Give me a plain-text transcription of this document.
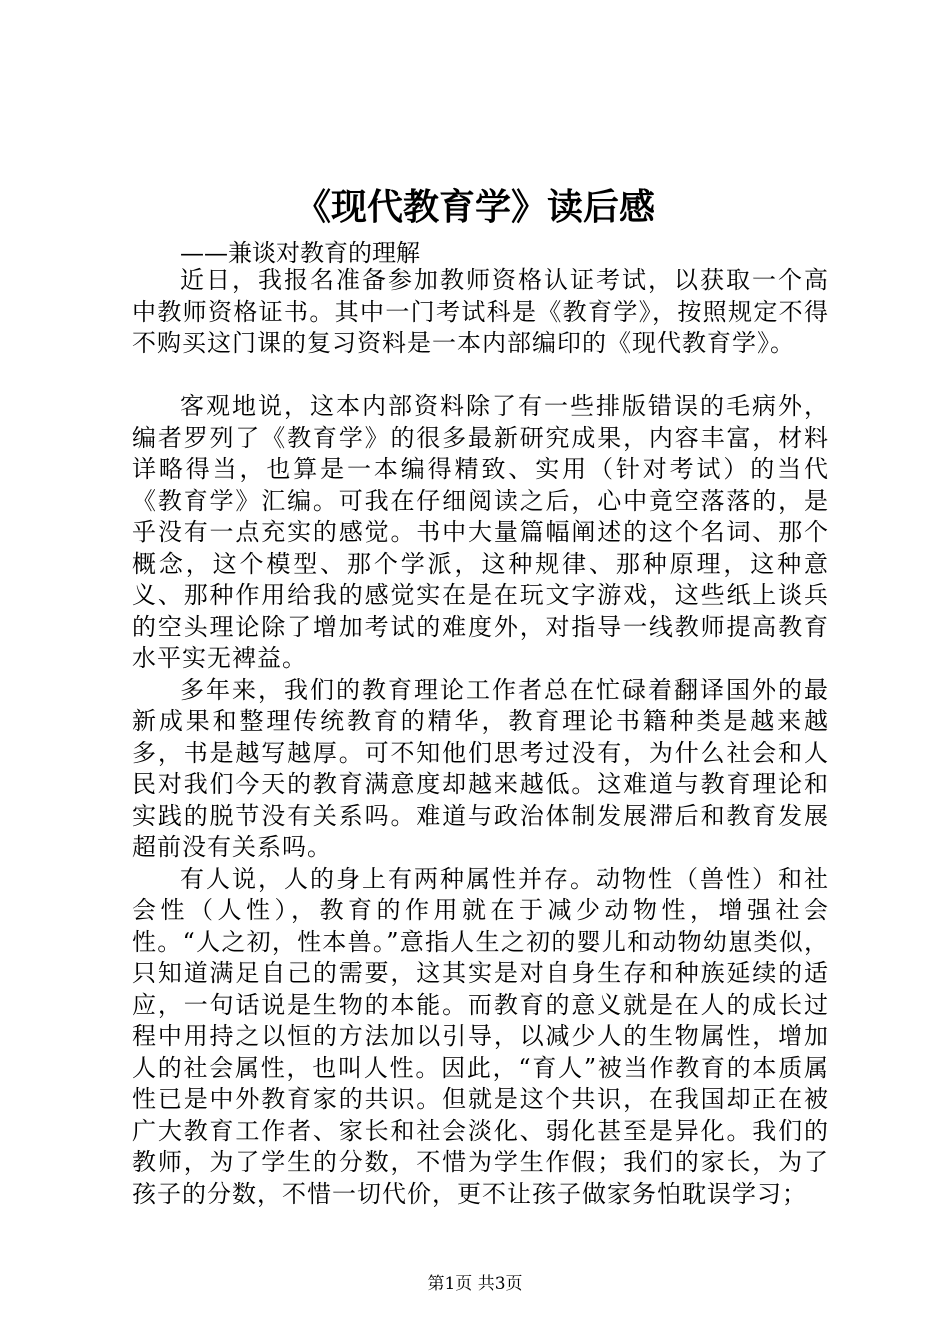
《现代教育学》读后感
——兼谈对教育的理解

近日，我报名准备参加教师资格认证考试，以获取一个高中教师资格证书。其中一门考试科是《教育学》，按照规定不得不购买这门课的复习资料是一本内部编印的《现代教育学》。

客观地说，这本内部资料除了有一些排版错误的毛病外，编者罗列了《教育学》的很多最新研究成果，内容丰富，材料详略得当，也算是一本编得精致、实用（针对考试）的当代《教育学》汇编。可我在仔细阅读之后，心中竟空落落的，是乎没有一点充实的感觉。书中大量篇幅阐述的这个名词、那个概念，这个模型、那个学派，这种规律、那种原理，这种意义、那种作用给我的感觉实在是在玩文字游戏，这些纸上谈兵的空头理论除了增加考试的难度外，对指导一线教师提高教育水平实无裨益。

多年来，我们的教育理论工作者总在忙碌着翻译国外的最新成果和整理传统教育的精华，教育理论书籍种类是越来越多，书是越写越厚。可不知他们思考过没有，为什么社会和人民对我们今天的教育满意度却越来越低。这难道与教育理论和实践的脱节没有关系吗。难道与政治体制发展滞后和教育发展超前没有关系吗。

有人说，人的身上有两种属性并存。动物性（兽性）和社会性（人性），教育的作用就在于减少动物性，增强社会性。“人之初，性本兽。”意指人生之初的婴儿和动物幼崽类似，只知道满足自己的需要，这其实是对自身生存和种族延续的适应，一句话说是生物的本能。而教育的意义就是在人的成长过程中用持之以恒的方法加以引导，以减少人的生物属性，增加人的社会属性，也叫人性。因此，“育人”被当作教育的本质属性已是中外教育家的共识。但就是这个共识，在我国却正在被广大教育工作者、家长和社会淡化、弱化甚至是异化。我们的教师，为了学生的分数，不惜为学生作假；我们的家长，为了孩子的分数，不惜一切代价，更不让孩子做家务怕耽误学习；

第1页 共3页
